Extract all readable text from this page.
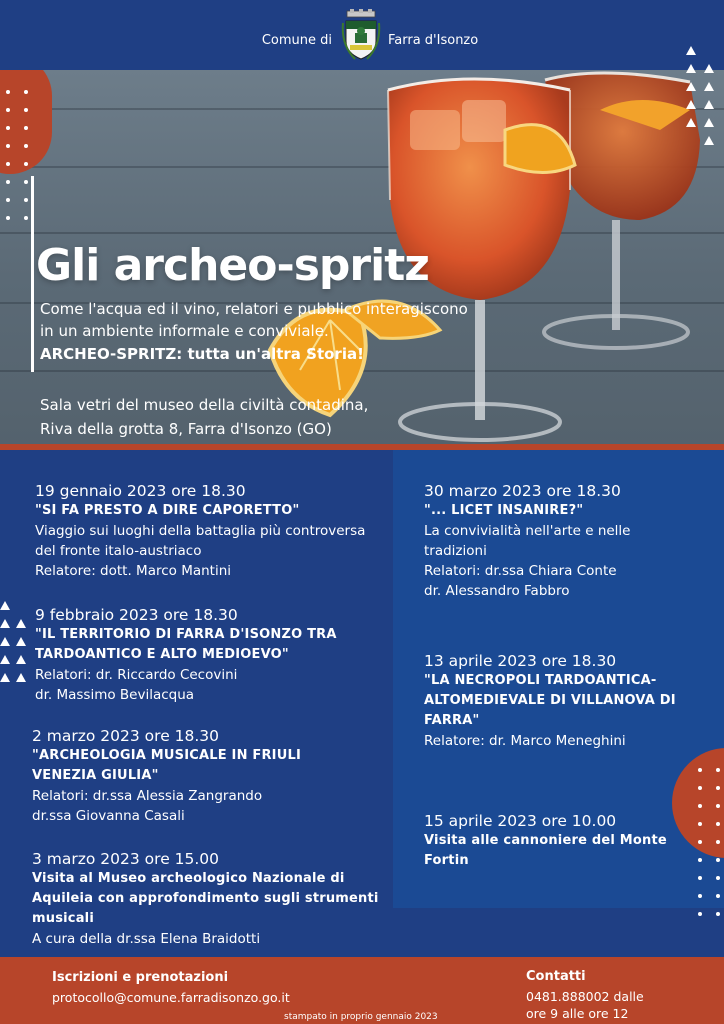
Comune di	Farra d'Isonzo
Gli archeo-spritz
Come l'acqua ed il vino, relatori e pubblico interagiscono
in un ambiente informale e conviviale.
ARCHEO-SPRITZ: tutta un'altra Storia!
Sala vetri del museo della civiltà contadina,
Riva della grotta 8, Farra d'Isonzo (GO)
19 gennaio 2023 ore 18.30
"SI FA PRESTO A DIRE CAPORETTO"
Viaggio sui luoghi della battaglia più controversa
del fronte italo-austriaco
Relatore: dott. Marco Mantini
9 febbraio 2023 ore 18.30
"IL TERRITORIO DI FARRA D'ISONZO TRA
TARDOANTICO E ALTO MEDIOEVO"
Relatori: dr. Riccardo Cecovini
dr. Massimo Bevilacqua
2 marzo 2023 ore 18.30
"ARCHEOLOGIA MUSICALE IN FRIULI
VENEZIA GIULIA"
Relatori: dr.ssa Alessia Zangrando
dr.ssa Giovanna Casali
3 marzo 2023 ore 15.00
Visita al Museo archeologico Nazionale di
Aquileia con approfondimento sugli strumenti
musicali
A cura della dr.ssa Elena Braidotti
30 marzo 2023 ore 18.30
"... LICET INSANIRE?"
La convivialità nell'arte e nelle
tradizioni
Relatori: dr.ssa Chiara Conte
dr. Alessandro Fabbro
13 aprile 2023 ore 18.30
"LA NECROPOLI TARDOANTICA-
ALTOMEDIEVALE DI VILLANOVA DI
FARRA"
Relatore: dr. Marco Meneghini
15 aprile 2023 ore 10.00
Visita alle cannoniere del Monte
Fortin
Iscrizioni e prenotazioni
protocollo@comune.farradisonzo.go.it
Contatti
0481.888002 dalle
ore 9 alle ore 12
stampato in proprio gennaio 2023
